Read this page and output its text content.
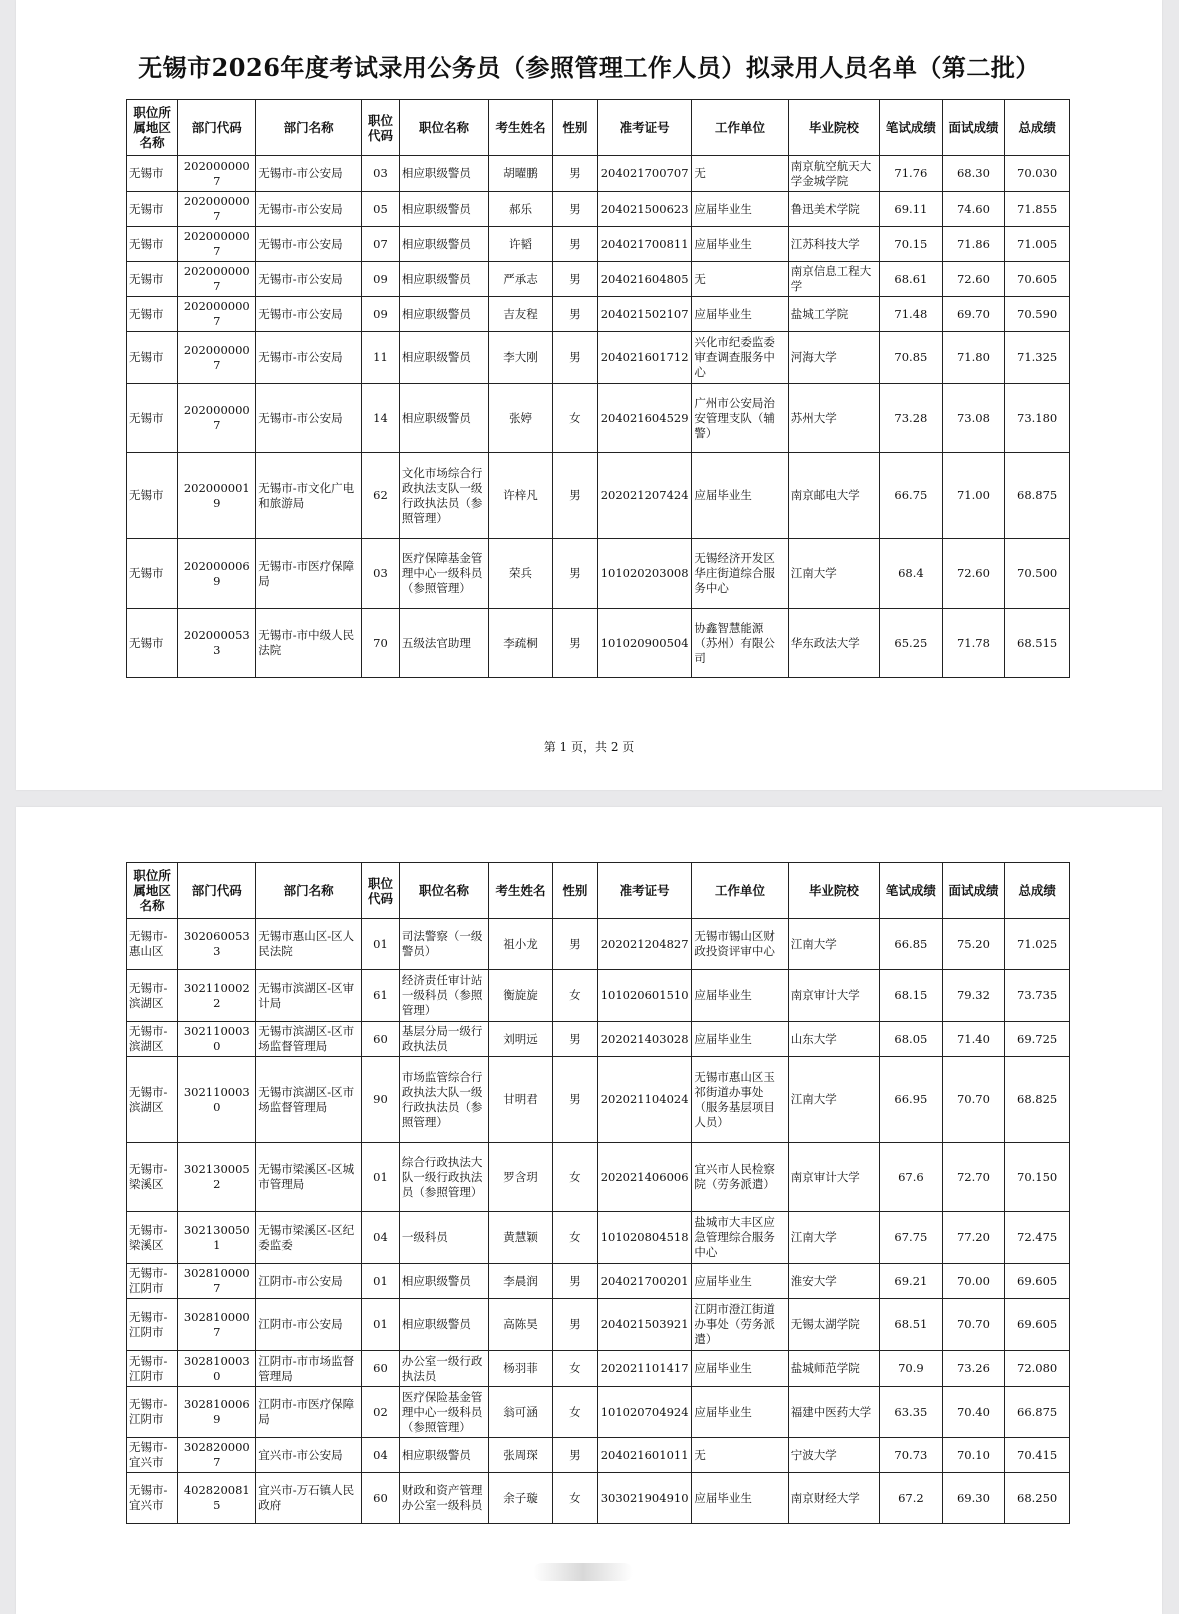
无锡市2026年度考试录用公务员（参照管理工作人员）拟录用人员名单（第二批）
职位所属地区名称	部门代码	部门名称	职位代码	职位名称	考生姓名	性别	准考证号	工作单位	毕业院校	笔试成绩	面试成绩	总成绩
无锡市	2020000007	无锡市-市公安局	03	相应职级警员	胡曜鹏	男	204021700707	无	南京航空航天大学金城学院	71.76	68.30	70.030
无锡市	2020000007	无锡市-市公安局	05	相应职级警员	郝乐	男	204021500623	应届毕业生	鲁迅美术学院	69.11	74.60	71.855
无锡市	2020000007	无锡市-市公安局	07	相应职级警员	许韬	男	204021700811	应届毕业生	江苏科技大学	70.15	71.86	71.005
无锡市	2020000007	无锡市-市公安局	09	相应职级警员	严承志	男	204021604805	无	南京信息工程大学	68.61	72.60	70.605
无锡市	2020000007	无锡市-市公安局	09	相应职级警员	吉友程	男	204021502107	应届毕业生	盐城工学院	71.48	69.70	70.590
无锡市	2020000007	无锡市-市公安局	11	相应职级警员	李大刚	男	204021601712	兴化市纪委监委审查调查服务中心	河海大学	70.85	71.80	71.325
无锡市	2020000007	无锡市-市公安局	14	相应职级警员	张婷	女	204021604529	广州市公安局治安管理支队（辅警）	苏州大学	73.28	73.08	73.180
无锡市	2020000019	无锡市-市文化广电和旅游局	62	文化市场综合行政执法支队一级行政执法员（参照管理）	许梓凡	男	202021207424	应届毕业生	南京邮电大学	66.75	71.00	68.875
无锡市	2020000069	无锡市-市医疗保障局	03	医疗保障基金管理中心一级科员（参照管理）	荣兵	男	101020203008	无锡经济开发区华庄街道综合服务中心	江南大学	68.4	72.60	70.500
无锡市	2020000533	无锡市-市中级人民法院	70	五级法官助理	李疏桐	男	101020900504	协鑫智慧能源（苏州）有限公司	华东政法大学	65.25	71.78	68.515
第 1 页，共 2 页
职位所属地区名称	部门代码	部门名称	职位代码	职位名称	考生姓名	性别	准考证号	工作单位	毕业院校	笔试成绩	面试成绩	总成绩
无锡市-惠山区	3020600533	无锡市惠山区-区人民法院	01	司法警察（一级警员）	祖小龙	男	202021204827	无锡市锡山区财政投资评审中心	江南大学	66.85	75.20	71.025
无锡市-滨湖区	3021100022	无锡市滨湖区-区审计局	61	经济责任审计站一级科员（参照管理）	衡旋旋	女	101020601510	应届毕业生	南京审计大学	68.15	79.32	73.735
无锡市-滨湖区	3021100030	无锡市滨湖区-区市场监督管理局	60	基层分局一级行政执法员	刘明远	男	202021403028	应届毕业生	山东大学	68.05	71.40	69.725
无锡市-滨湖区	3021100030	无锡市滨湖区-区市场监督管理局	90	市场监管综合行政执法大队一级行政执法员（参照管理）	甘明君	男	202021104024	无锡市惠山区玉祁街道办事处（服务基层项目人员）	江南大学	66.95	70.70	68.825
无锡市-梁溪区	3021300052	无锡市梁溪区-区城市管理局	01	综合行政执法大队一级行政执法员（参照管理）	罗含玥	女	202021406006	宜兴市人民检察院（劳务派遣）	南京审计大学	67.6	72.70	70.150
无锡市-梁溪区	3021300501	无锡市梁溪区-区纪委监委	04	一级科员	黄慧颖	女	101020804518	盐城市大丰区应急管理综合服务中心	江南大学	67.75	77.20	72.475
无锡市-江阴市	3028100007	江阴市-市公安局	01	相应职级警员	李晨润	男	204021700201	应届毕业生	淮安大学	69.21	70.00	69.605
无锡市-江阴市	3028100007	江阴市-市公安局	01	相应职级警员	高陈昊	男	204021503921	江阴市澄江街道办事处（劳务派遣）	无锡太湖学院	68.51	70.70	69.605
无锡市-江阴市	3028100030	江阴市-市市场监督管理局	60	办公室一级行政执法员	杨羽菲	女	202021101417	应届毕业生	盐城师范学院	70.9	73.26	72.080
无锡市-江阴市	3028100069	江阴市-市医疗保障局	02	医疗保险基金管理中心一级科员（参照管理）	翁可涵	女	101020704924	应届毕业生	福建中医药大学	63.35	70.40	66.875
无锡市-宜兴市	3028200007	宜兴市-市公安局	04	相应职级警员	张周琛	男	204021601011	无	宁波大学	70.73	70.10	70.415
无锡市-宜兴市	4028200815	宜兴市-万石镇人民政府	60	财政和资产管理办公室一级科员	余子璇	女	303021904910	应届毕业生	南京财经大学	67.2	69.30	68.250
